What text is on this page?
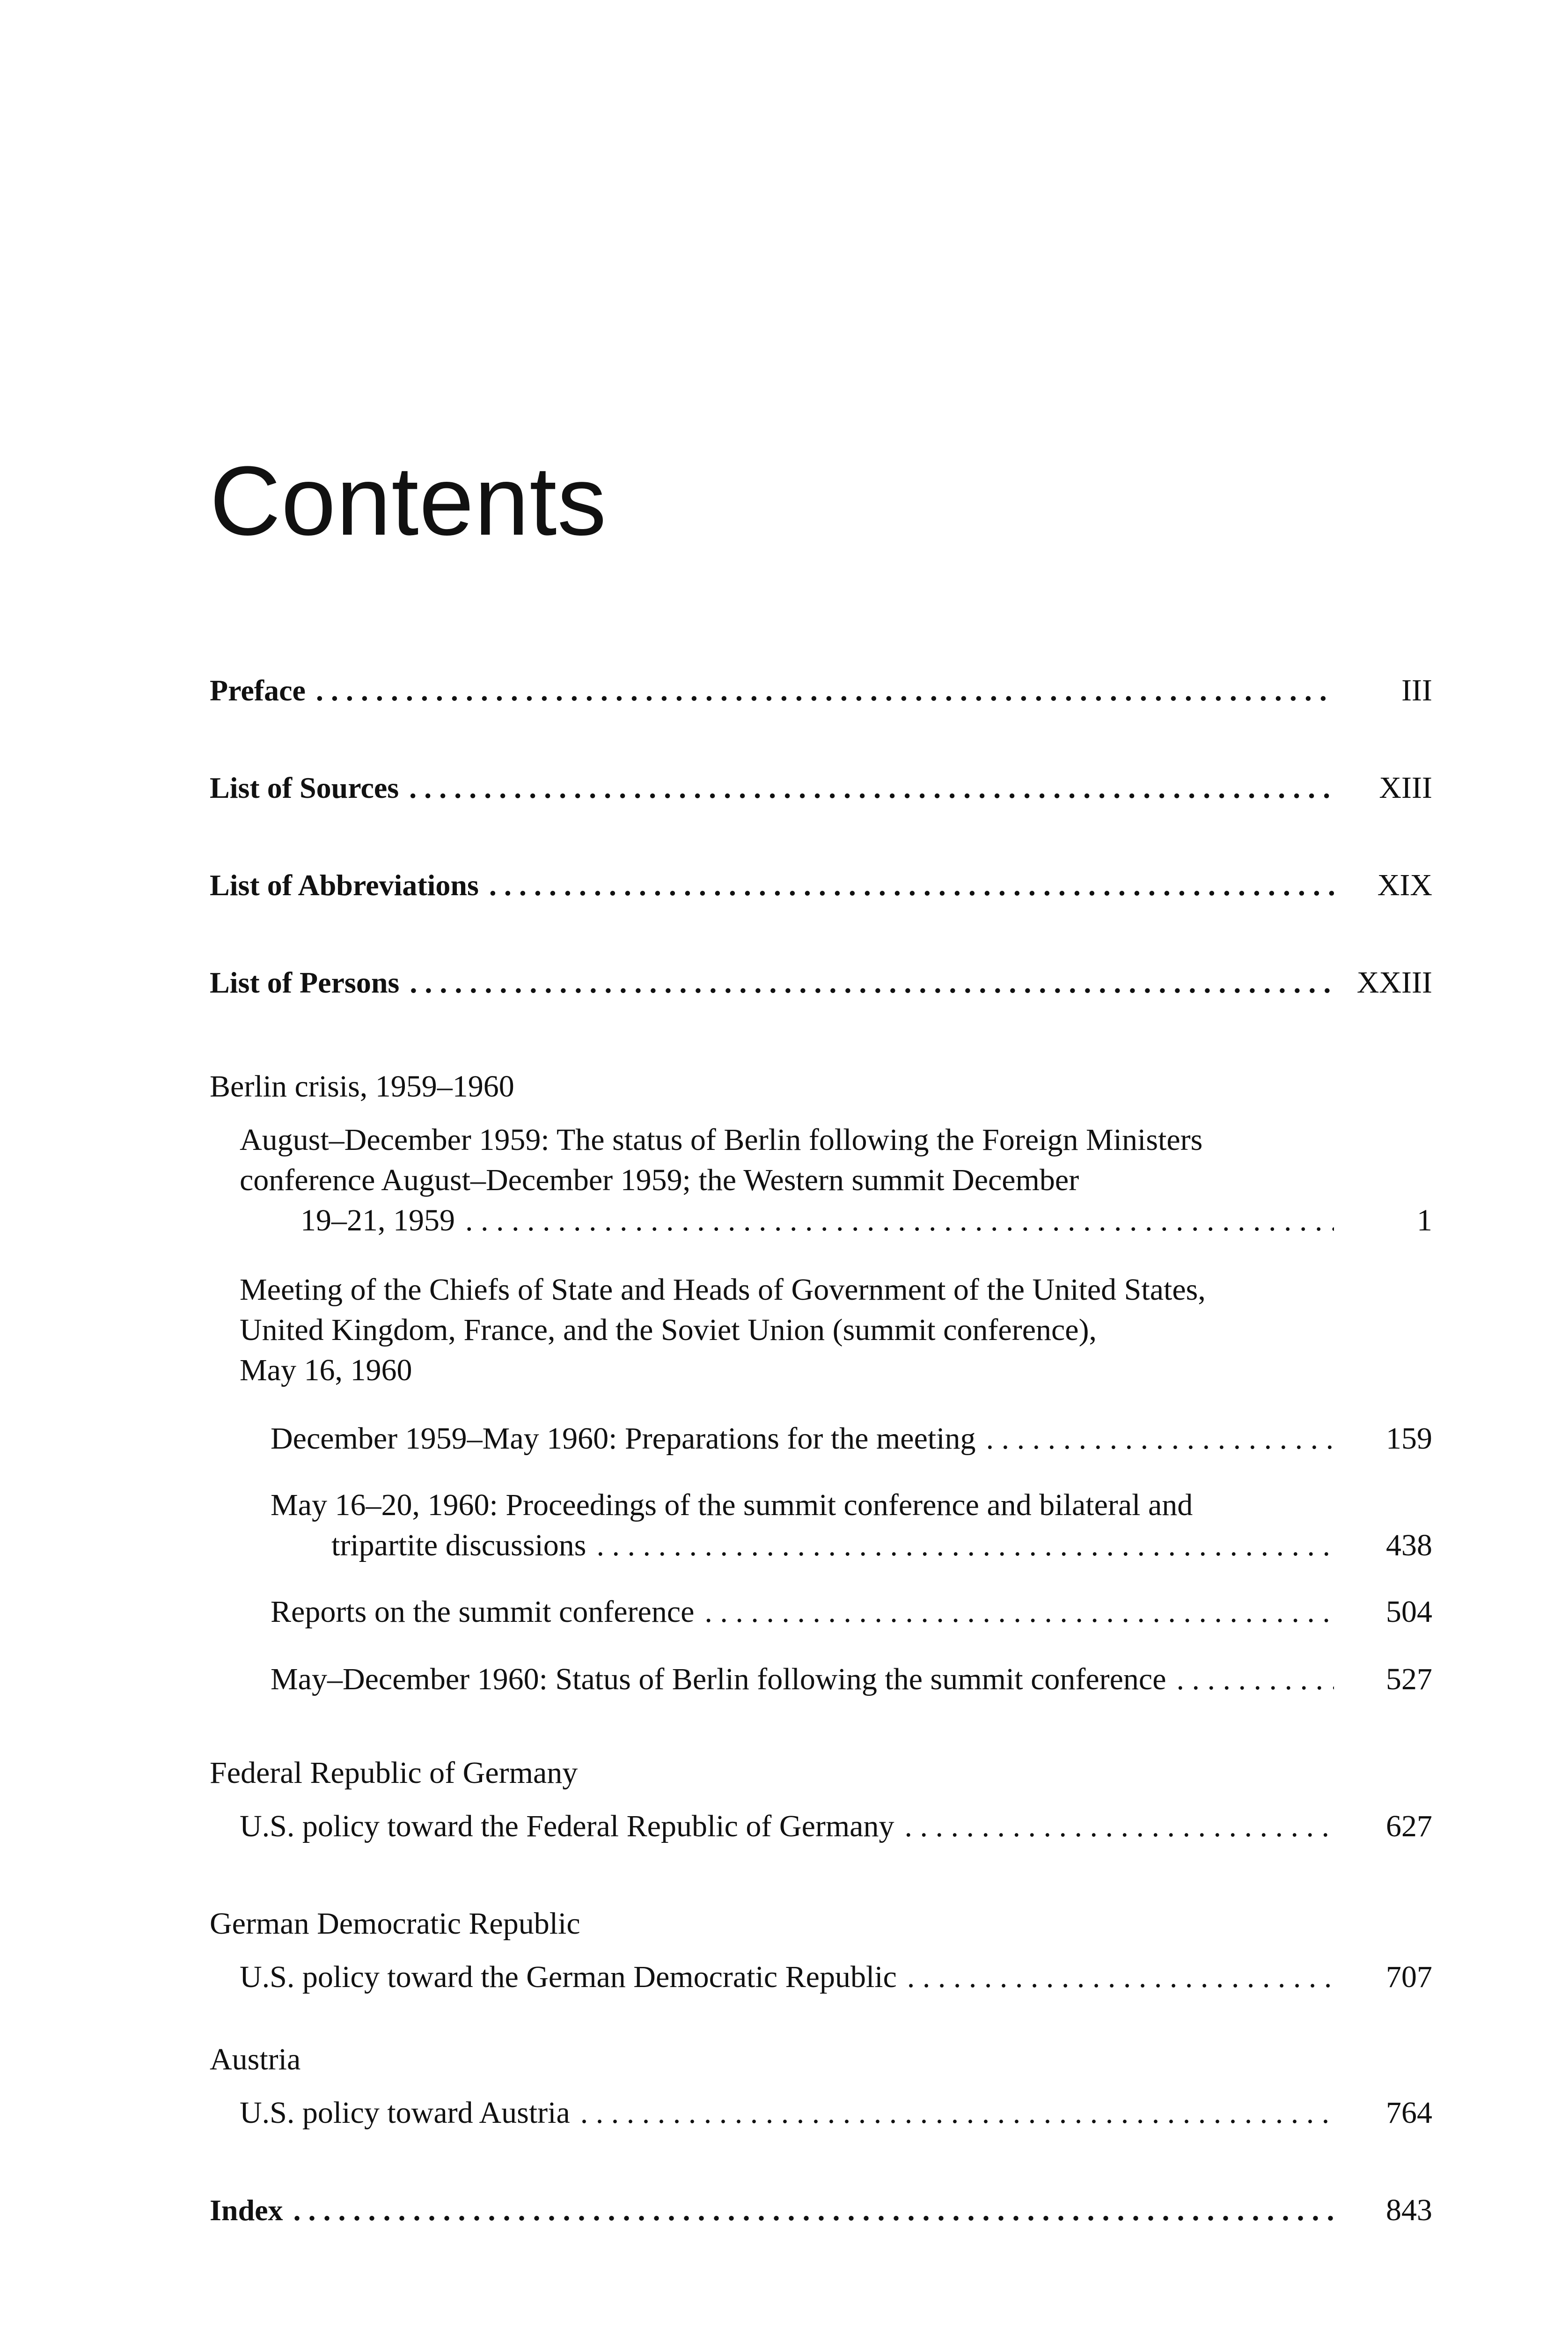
Contents
Preface . . .	III
List of Sources . . .	XIII
List of Abbreviations . . .	XIX
List of Persons . . .	XXIII
Berlin crisis, 1959–1960
August–December 1959: The status of Berlin following the Foreign Ministers
conference August–December 1959; the Western summit December
19–21, 1959 . . .	1
Meeting of the Chiefs of State and Heads of Government of the United States,
United Kingdom, France, and the Soviet Union (summit conference),
May 16, 1960
December 1959–May 1960: Preparations for the meeting . . .	159
May 16–20, 1960: Proceedings of the summit conference and bilateral and
tripartite discussions . . .	438
Reports on the summit conference . . .	504
May–December 1960: Status of Berlin following the summit conference . . .	527
Federal Republic of Germany
U.S. policy toward the Federal Republic of Germany . . .	627
German Democratic Republic
U.S. policy toward the German Democratic Republic . . .	707
Austria
U.S. policy toward Austria . . .	764
Index . . .	843
